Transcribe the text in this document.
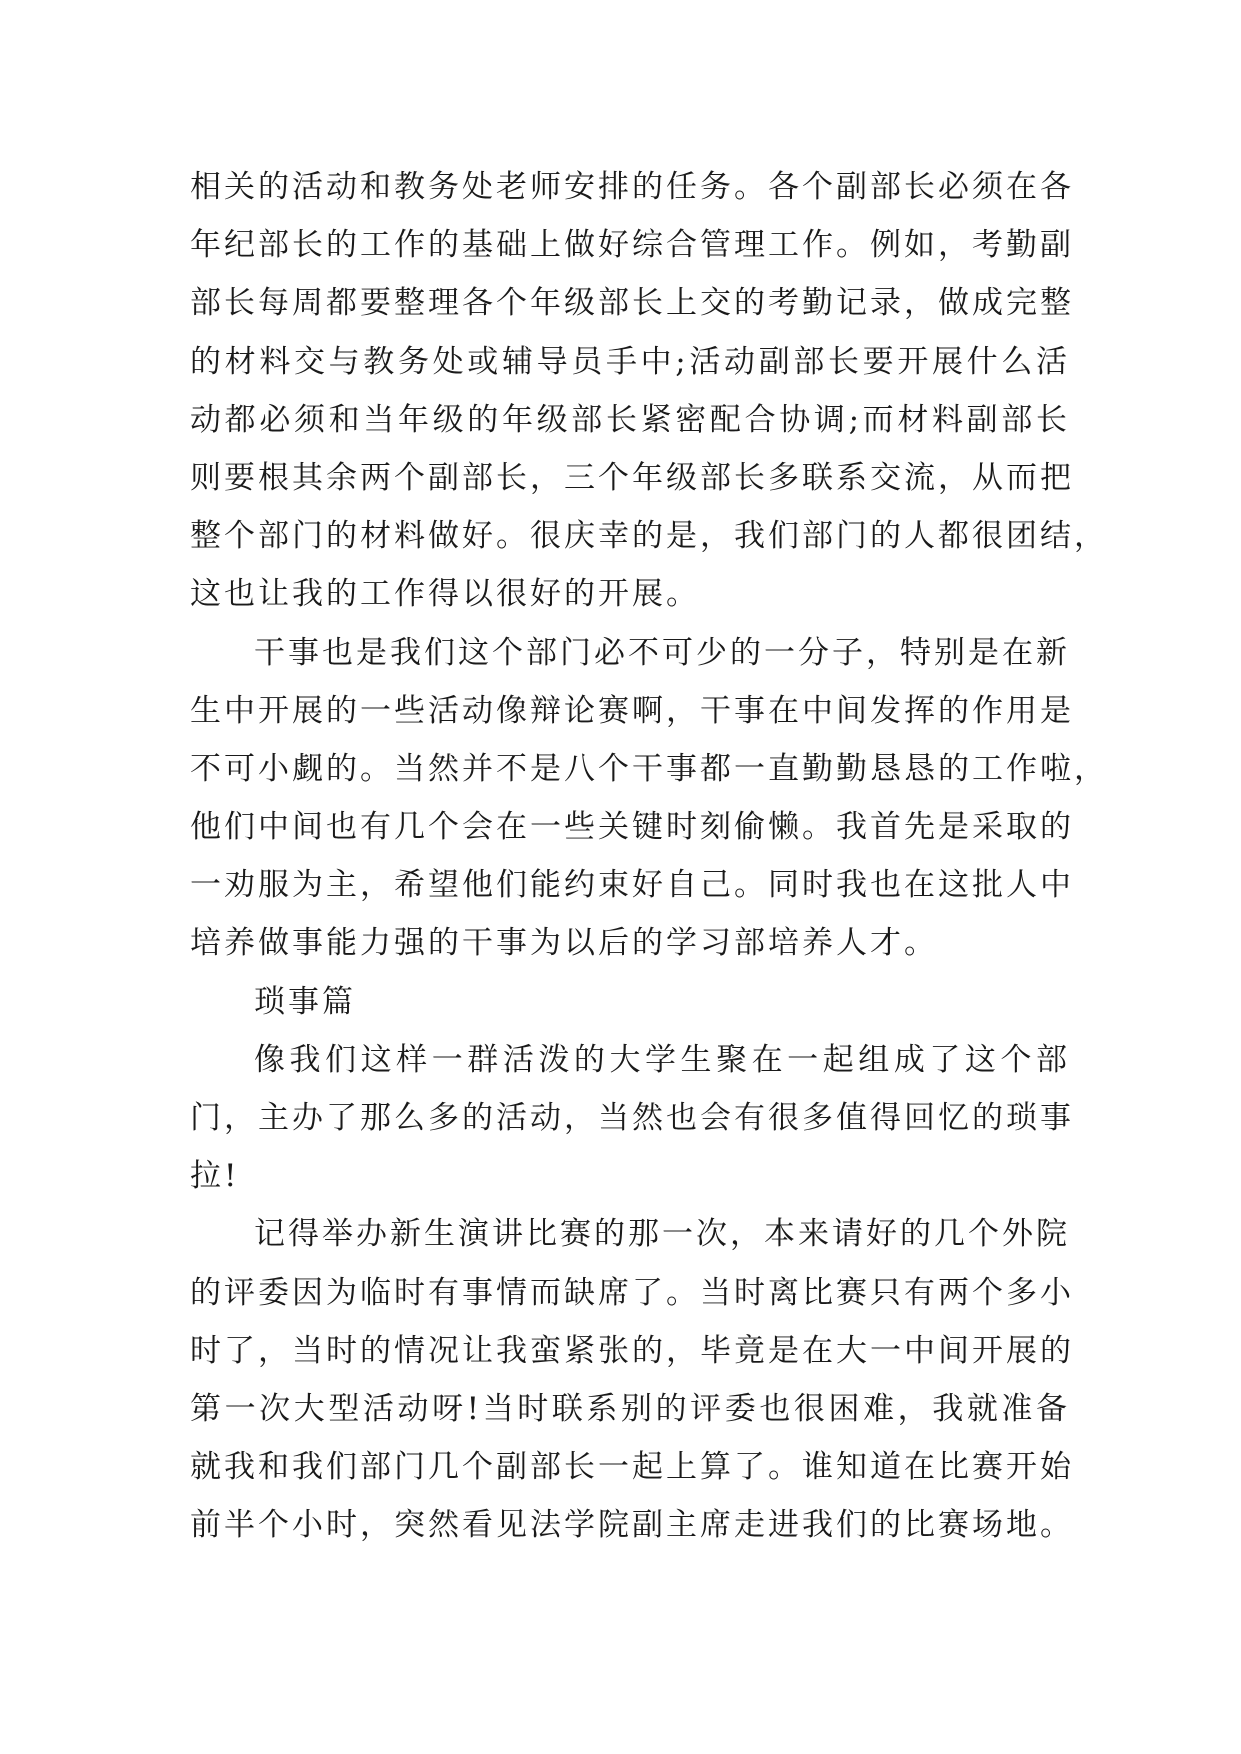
相关的活动和教务处老师安排的任务。各个副部长必须在各
年纪部长的工作的基础上做好综合管理工作。例如，考勤副
部长每周都要整理各个年级部长上交的考勤记录，做成完整
的材料交与教务处或辅导员手中;活动副部长要开展什么活
动都必须和当年级的年级部长紧密配合协调;而材料副部长
则要根其余两个副部长，三个年级部长多联系交流，从而把
整个部门的材料做好。很庆幸的是，我们部门的人都很团结，
这也让我的工作得以很好的开展。
干事也是我们这个部门必不可少的一分子，特别是在新
生中开展的一些活动像辩论赛啊，干事在中间发挥的作用是
不可小觑的。当然并不是八个干事都一直勤勤恳恳的工作啦，
他们中间也有几个会在一些关键时刻偷懒。我首先是采取的
一劝服为主，希望他们能约束好自己。同时我也在这批人中
培养做事能力强的干事为以后的学习部培养人才。
琐事篇
像我们这样一群活泼的大学生聚在一起组成了这个部
门，主办了那么多的活动，当然也会有很多值得回忆的琐事
拉!
记得举办新生演讲比赛的那一次，本来请好的几个外院
的评委因为临时有事情而缺席了。当时离比赛只有两个多小
时了，当时的情况让我蛮紧张的，毕竟是在大一中间开展的
第一次大型活动呀!当时联系别的评委也很困难，我就准备
就我和我们部门几个副部长一起上算了。谁知道在比赛开始
前半个小时，突然看见法学院副主席走进我们的比赛场地。
